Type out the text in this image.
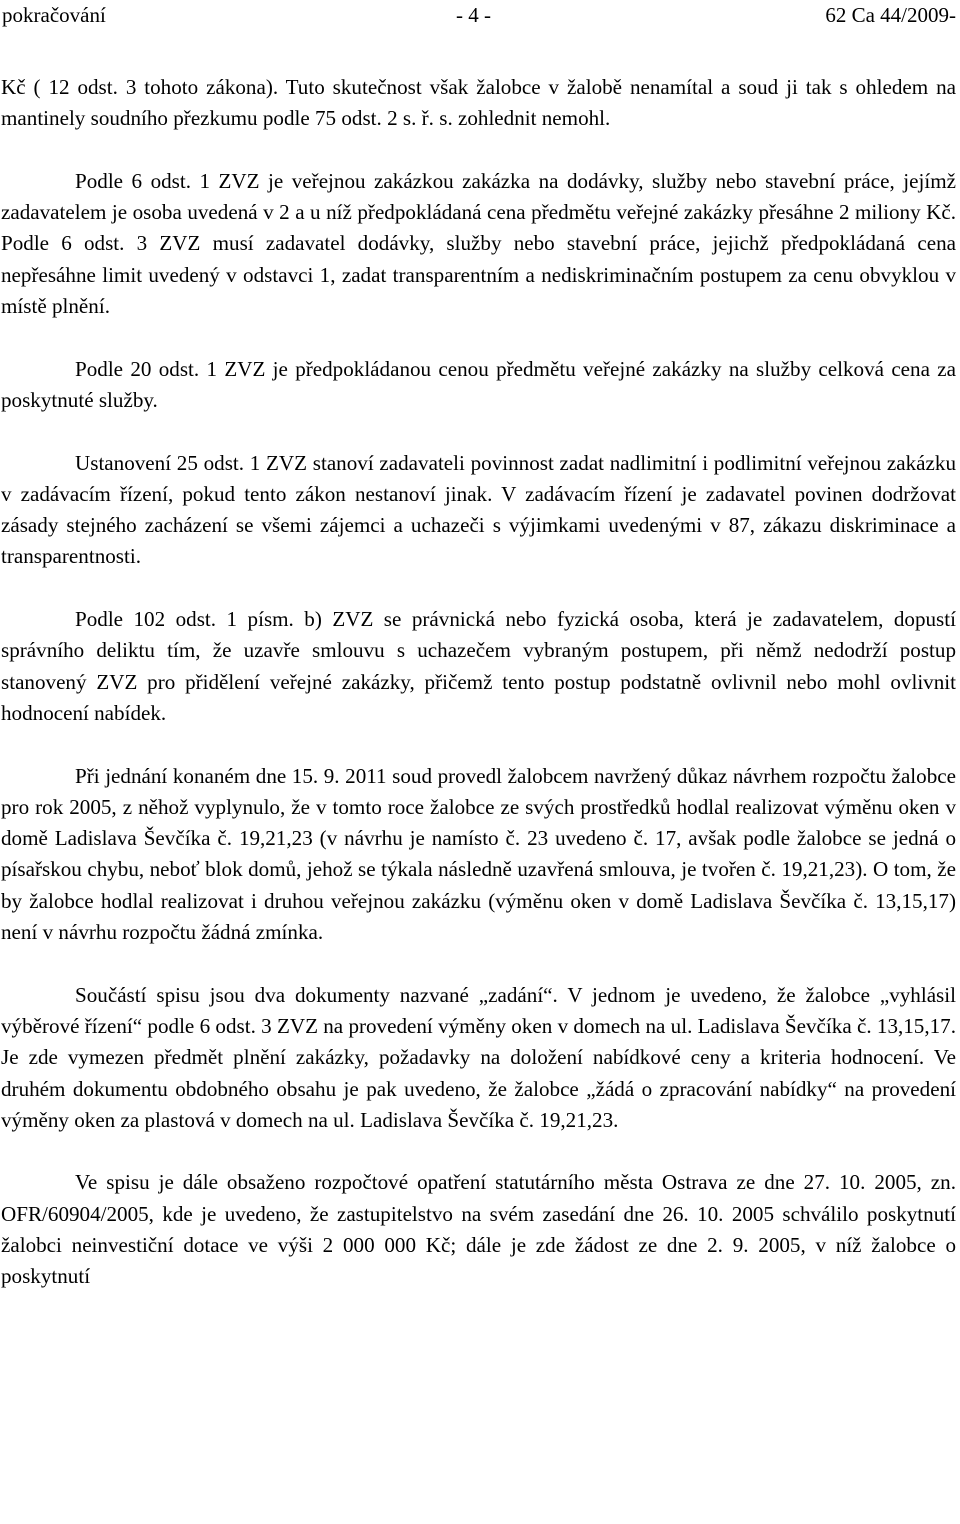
pokračování	- 4 -	62 Ca 44/2009-

Kč ( 12 odst. 3 tohoto zákona). Tuto skutečnost však žalobce v žalobě nenamítal a soud ji tak s ohledem na mantinely soudního přezkumu podle 75 odst. 2 s. ř. s. zohlednit nemohl.

Podle 6 odst. 1 ZVZ je veřejnou zakázkou zakázka na dodávky, služby nebo stavební práce, jejímž zadavatelem je osoba uvedená v 2 a u níž předpokládaná cena předmětu veřejné zakázky přesáhne 2 miliony Kč. Podle 6 odst. 3 ZVZ musí zadavatel dodávky, služby nebo stavební práce, jejichž předpokládaná cena nepřesáhne limit uvedený v odstavci 1, zadat transparentním a nediskriminačním postupem za cenu obvyklou v místě plnění.

Podle 20 odst. 1 ZVZ je předpokládanou cenou předmětu veřejné zakázky na služby celková cena za poskytnuté služby.

Ustanovení 25 odst. 1 ZVZ stanoví zadavateli povinnost zadat nadlimitní i podlimitní veřejnou zakázku v zadávacím řízení, pokud tento zákon nestanoví jinak. V zadávacím řízení je zadavatel povinen dodržovat zásady stejného zacházení se všemi zájemci a uchazeči s výjimkami uvedenými v 87, zákazu diskriminace a transparentnosti.

Podle 102 odst. 1 písm. b) ZVZ se právnická nebo fyzická osoba, která je zadavatelem, dopustí správního deliktu tím, že uzavře smlouvu s uchazečem vybraným postupem, při němž nedodrží postup stanovený ZVZ pro přidělení veřejné zakázky, přičemž tento postup podstatně ovlivnil nebo mohl ovlivnit hodnocení nabídek.

Při jednání konaném dne 15. 9. 2011 soud provedl žalobcem navržený důkaz návrhem rozpočtu žalobce pro rok 2005, z něhož vyplynulo, že v tomto roce žalobce ze svých prostředků hodlal realizovat výměnu oken v domě Ladislava Ševčíka č. 19,21,23 (v návrhu je namísto č. 23 uvedeno č. 17, avšak podle žalobce se jedná o písařskou chybu, neboť blok domů, jehož se týkala následně uzavřená smlouva, je tvořen č. 19,21,23). O tom, že by žalobce hodlal realizovat i druhou veřejnou zakázku (výměnu oken v domě Ladislava Ševčíka č. 13,15,17) není v návrhu rozpočtu žádná zmínka.

Součástí spisu jsou dva dokumenty nazvané „zadání“. V jednom je uvedeno, že žalobce „vyhlásil výběrové řízení“ podle 6 odst. 3 ZVZ na provedení výměny oken v domech na ul. Ladislava Ševčíka č. 13,15,17. Je zde vymezen předmět plnění zakázky, požadavky na doložení nabídkové ceny a kriteria hodnocení. Ve druhém dokumentu obdobného obsahu je pak uvedeno, že žalobce „žádá o zpracování nabídky“ na provedení výměny oken za plastová v domech na ul. Ladislava Ševčíka č. 19,21,23.

Ve spisu je dále obsaženo rozpočtové opatření statutárního města Ostrava ze dne 27. 10. 2005, zn. OFR/60904/2005, kde je uvedeno, že zastupitelstvo na svém zasedání dne 26. 10. 2005 schválilo poskytnutí žalobci neinvestiční dotace ve výši 2 000 000 Kč; dále je zde žádost ze dne 2. 9. 2005, v níž žalobce o poskytnutí
